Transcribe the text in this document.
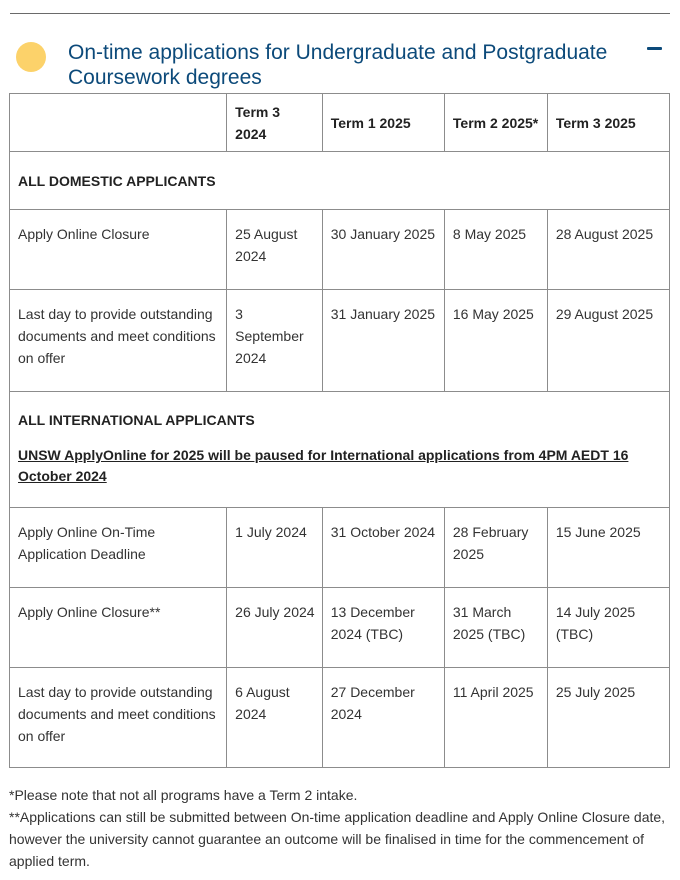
On-time applications for Undergraduate and Postgraduate Coursework degrees
	Term 3 2024	Term 1 2025	Term 2 2025*	Term 3 2025
ALL DOMESTIC APPLICANTS				
Apply Online Closure	25 August 2024	30 January 2025	8 May 2025	28 August 2025
Last day to provide outstanding documents and meet conditions on offer	3 September 2024	31 January 2025	16 May 2025	29 August 2025

ALL INTERNATIONAL APPLICANTS
UNSW ApplyOnline for 2025 will be paused for International applications from 4PM AEDT 16 October 2024				

Apply Online On-Time Application Deadline	1 July 2024	31 October 2024	28 February 2025	15 June 2025
Apply Online Closure**	26 July 2024	13 December 2024 (TBC)	31 March 2025 (TBC)	14 July 2025 (TBC)
Last day to provide outstanding documents and meet conditions on offer	6 August 2024	27 December 2024	11 April 2025	25 July 2025

*Please note that not all programs have a Term 2 intake.

**Applications can still be submitted between On-time application deadline and Apply Online Closure date, however the university cannot guarantee an outcome will be finalised in time for the commencement of applied term.
